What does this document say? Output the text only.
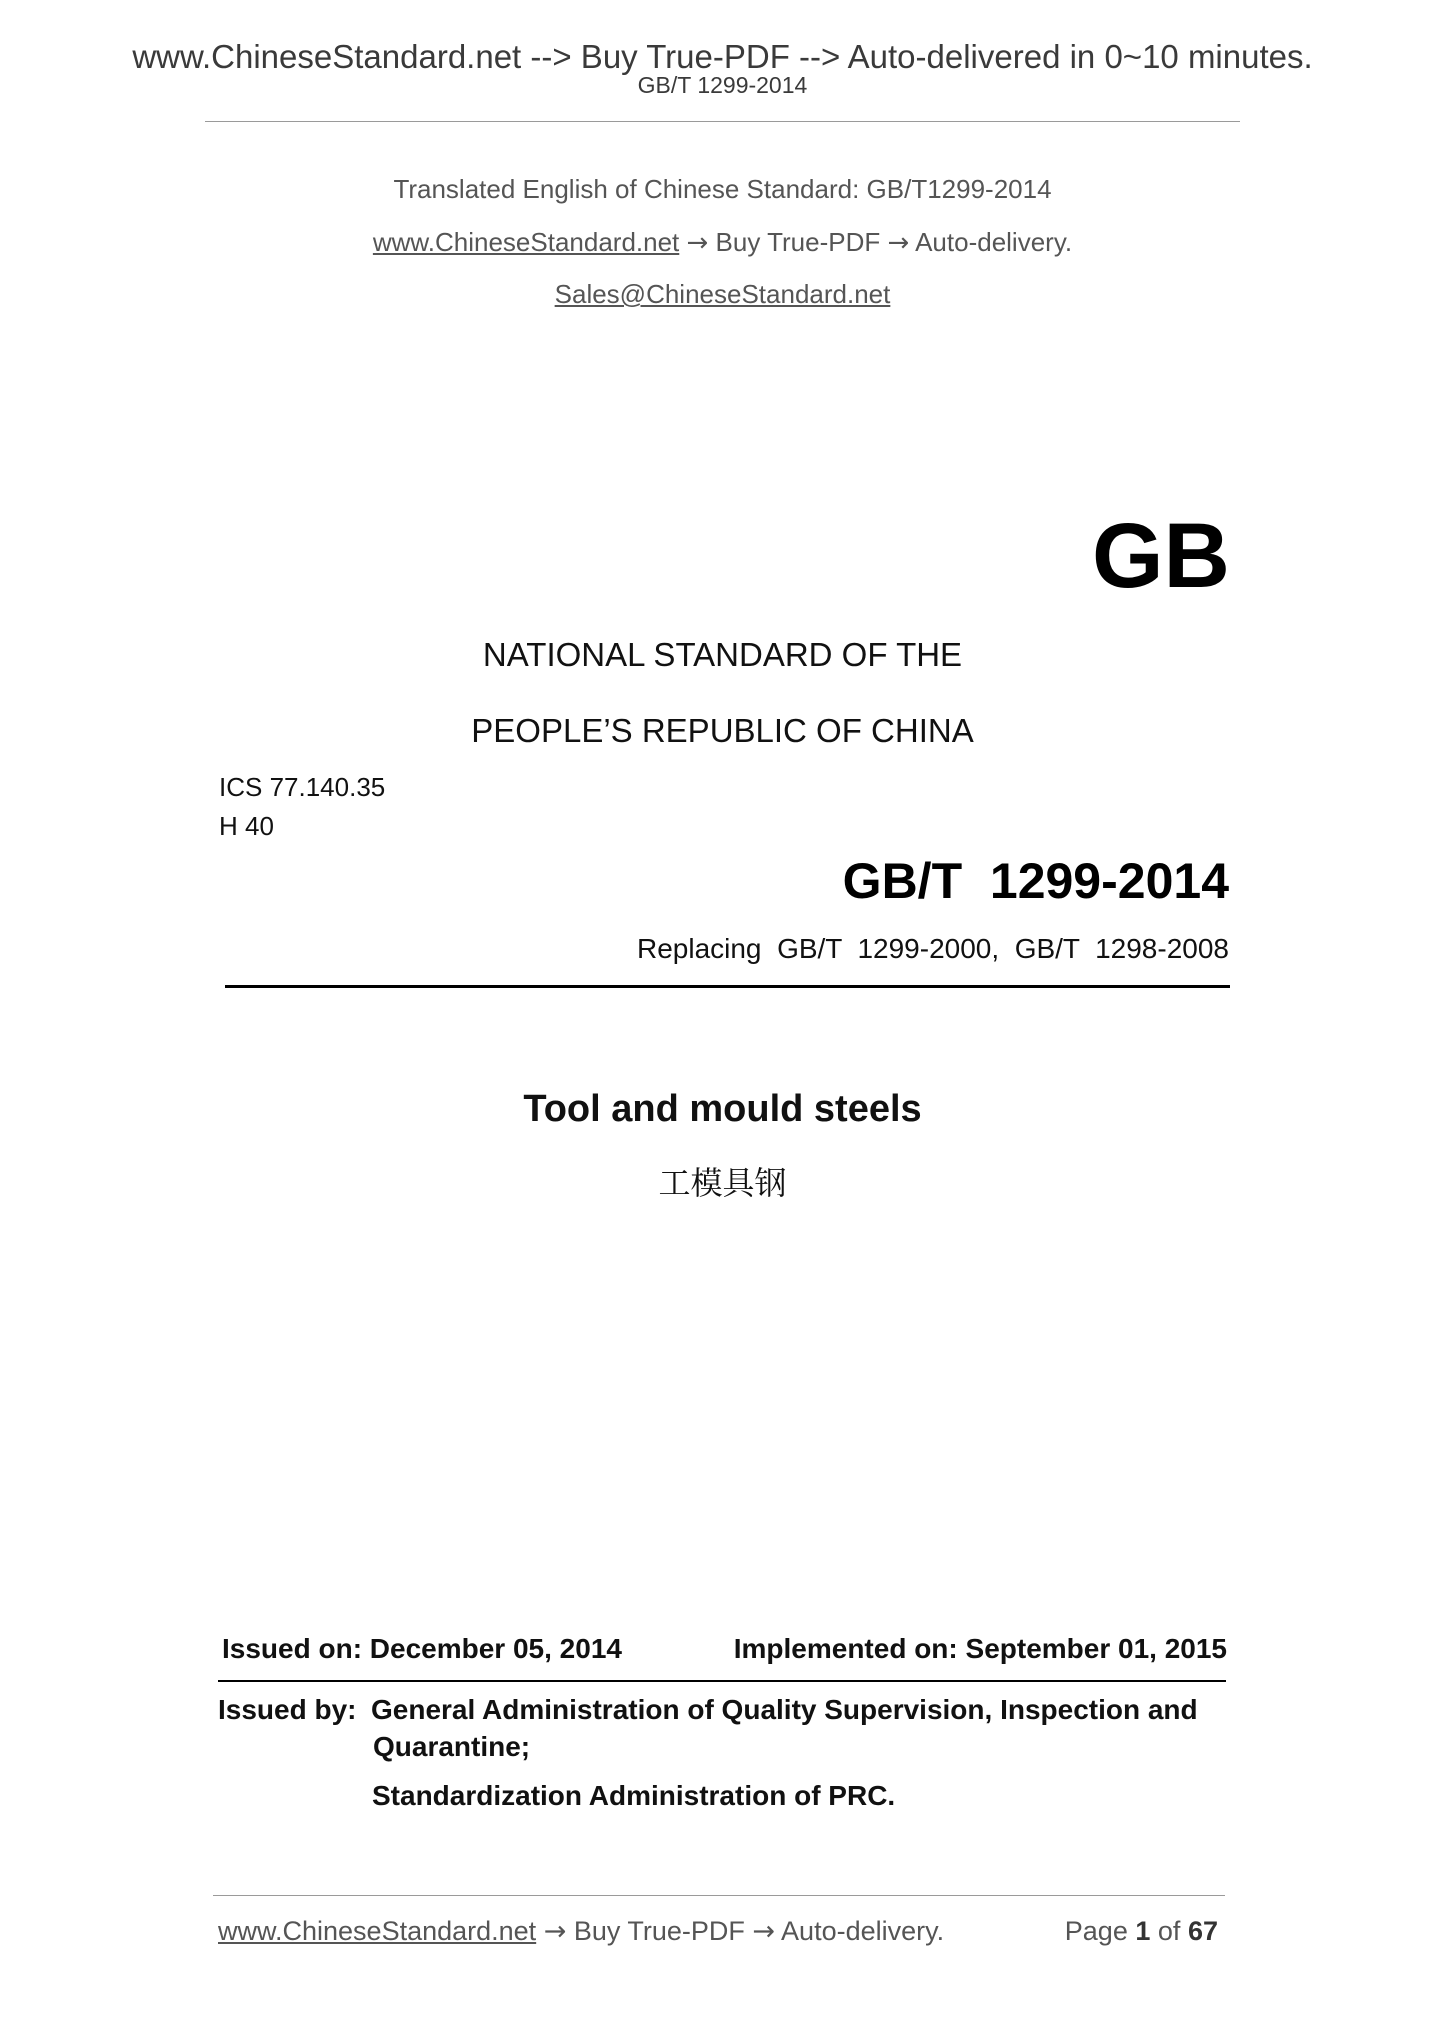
www.ChineseStandard.net --> Buy True-PDF --> Auto-delivered in 0~10 minutes.
GB/T 1299-2014
Translated English of Chinese Standard: GB/T1299-2014
www.ChineseStandard.net → Buy True-PDF → Auto-delivery.
Sales@ChineseStandard.net
GB
NATIONAL STANDARD OF THE
PEOPLE’S REPUBLIC OF CHINA
ICS 77.140.35
H 40
GB/T  1299-2014
Replacing  GB/T  1299-2000,  GB/T  1298-2008
Tool and mould steels
工模具钢
Issued on: December 05, 2014	Implemented on: September 01, 2015
Issued by: General Administration of Quality Supervision, Inspection and
Quarantine;
Standardization Administration of PRC.
www.ChineseStandard.net → Buy True-PDF → Auto-delivery.	Page 1 of 67
